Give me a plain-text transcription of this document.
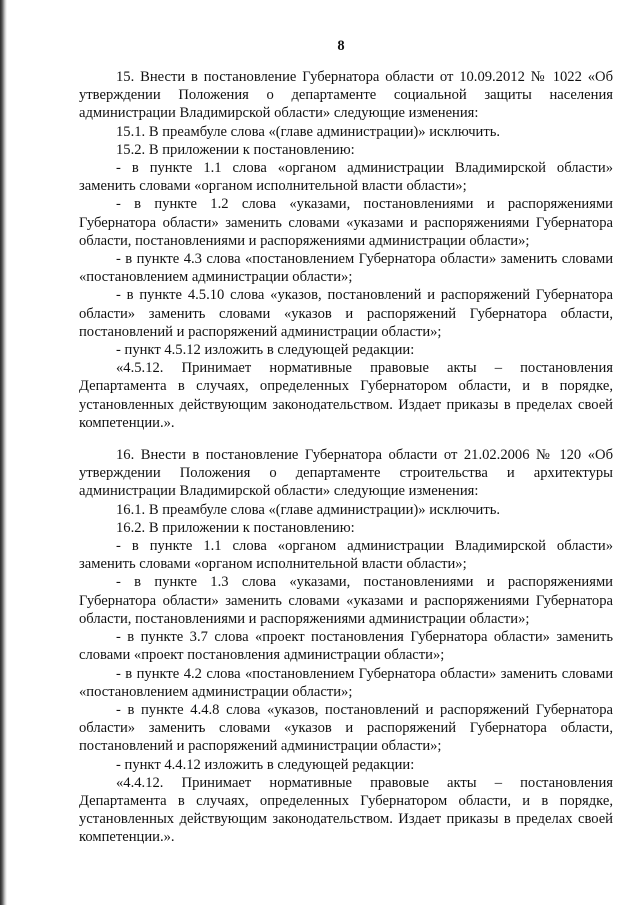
8

15. Внести в постановление Губернатора области от 10.09.2012 № 1022 «Об утверждении Положения о департаменте социальной защиты населения администрации Владимирской области» следующие изменения:

15.1. В преамбуле слова «(главе администрации)» исключить.

15.2. В приложении к постановлению:

- в пункте 1.1 слова «органом администрации Владимирской области» заменить словами «органом исполнительной власти области»;

- в пункте 1.2 слова «указами, постановлениями и распоряжениями Губернатора области» заменить словами «указами и распоряжениями Губернатора области, постановлениями и распоряжениями администрации области»;

- в пункте 4.3 слова «постановлением Губернатора области» заменить словами «постановлением администрации области»;

- в пункте 4.5.10 слова «указов, постановлений и распоряжений Губернатора области» заменить словами «указов и распоряжений Губернатора области, постановлений и распоряжений администрации области»;

- пункт 4.5.12 изложить в следующей редакции:

«4.5.12. Принимает нормативные правовые акты – постановления Департамента в случаях, определенных Губернатором области, и в порядке, установленных действующим законодательством. Издает приказы в пределах своей компетенции.».

16. Внести в постановление Губернатора области от 21.02.2006 № 120 «Об утверждении Положения о департаменте строительства и архитектуры администрации Владимирской области» следующие изменения:

16.1. В преамбуле слова «(главе администрации)» исключить.

16.2. В приложении к постановлению:

- в пункте 1.1 слова «органом администрации Владимирской области» заменить словами «органом исполнительной власти области»;

- в пункте 1.3 слова «указами, постановлениями и распоряжениями Губернатора области» заменить словами «указами и распоряжениями Губернатора области, постановлениями и распоряжениями администрации области»;

- в пункте 3.7 слова «проект постановления Губернатора области» заменить словами «проект постановления администрации области»;

- в пункте 4.2 слова «постановлением Губернатора области» заменить словами «постановлением администрации области»;

- в пункте 4.4.8 слова «указов, постановлений и распоряжений Губернатора области» заменить словами «указов и распоряжений Губернатора области, постановлений и распоряжений администрации области»;

- пункт 4.4.12 изложить в следующей редакции:

«4.4.12. Принимает нормативные правовые акты – постановления Департамента в случаях, определенных Губернатором области, и в порядке, установленных действующим законодательством. Издает приказы в пределах своей компетенции.».
